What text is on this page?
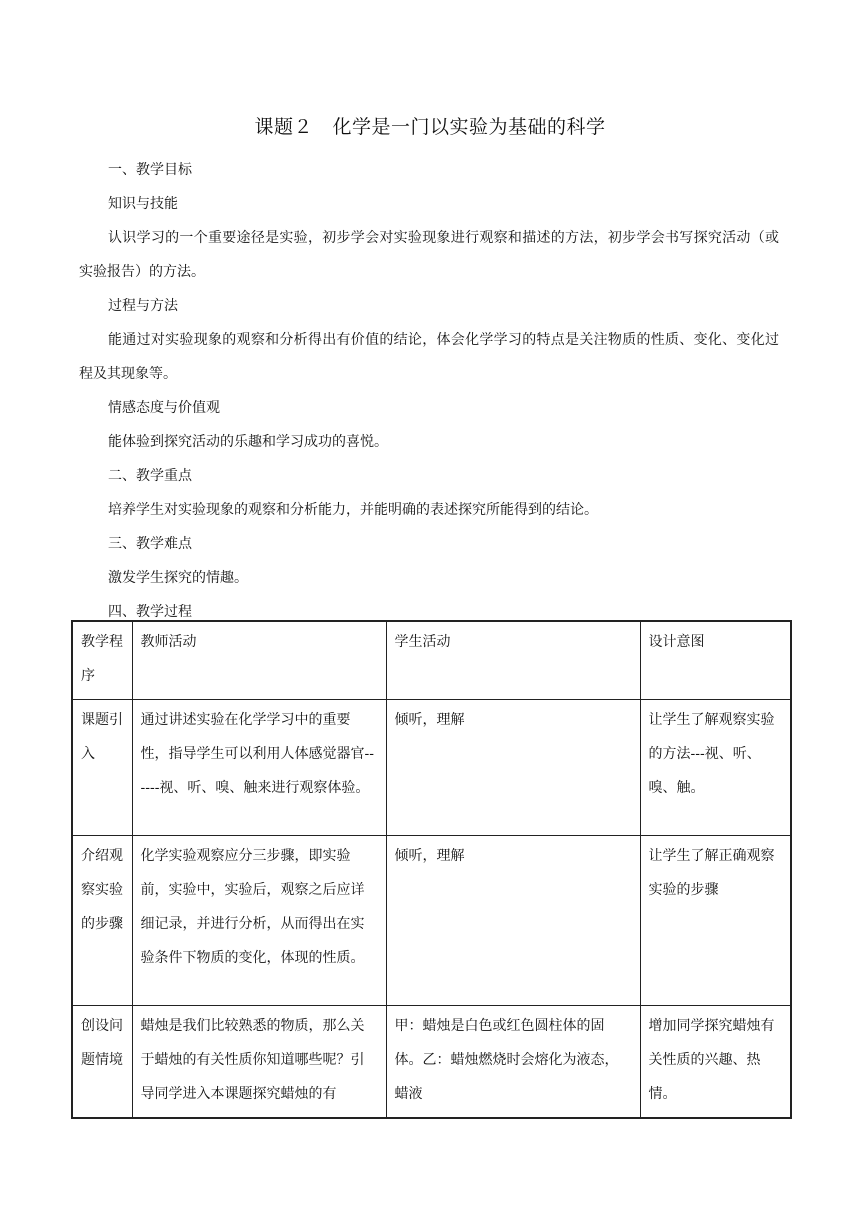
课题２　化学是一门以实验为基础的科学
一、教学目标
知识与技能
认识学习的一个重要途径是实验，初步学会对实验现象进行观察和描述的方法，初步学会书写探究活动（或实验报告）的方法。
过程与方法
能通过对实验现象的观察和分析得出有价值的结论，体会化学学习的特点是关注物质的性质、变化、变化过程及其现象等。
情感态度与价值观
能体验到探究活动的乐趣和学习成功的喜悦。
二、教学重点
培养学生对实验现象的观察和分析能力，并能明确的表述探究所能得到的结论。
三、教学难点
激发学生探究的情趣。
四、教学过程
教学程序	教师活动	学生活动	设计意图
课题引入	通过讲述实验在化学学习中的重要性，指导学生可以利用人体感觉器官------视、听、嗅、触来进行观察体验。	倾听，理解	让学生了解观察实验的方法---视、听、嗅、触。
介绍观察实验的步骤	化学实验观察应分三步骤，即实验前，实验中，实验后，观察之后应详细记录，并进行分析，从而得出在实验条件下物质的变化，体现的性质。	倾听，理解	让学生了解正确观察实验的步骤
创设问题情境	蜡烛是我们比较熟悉的物质，那么关于蜡烛的有关性质你知道哪些呢？引导同学进入本课题探究蜡烛的有	甲：蜡烛是白色或红色圆柱体的固体。乙：蜡烛燃烧时会熔化为液态，蜡液	增加同学探究蜡烛有关性质的兴趣、热情。
